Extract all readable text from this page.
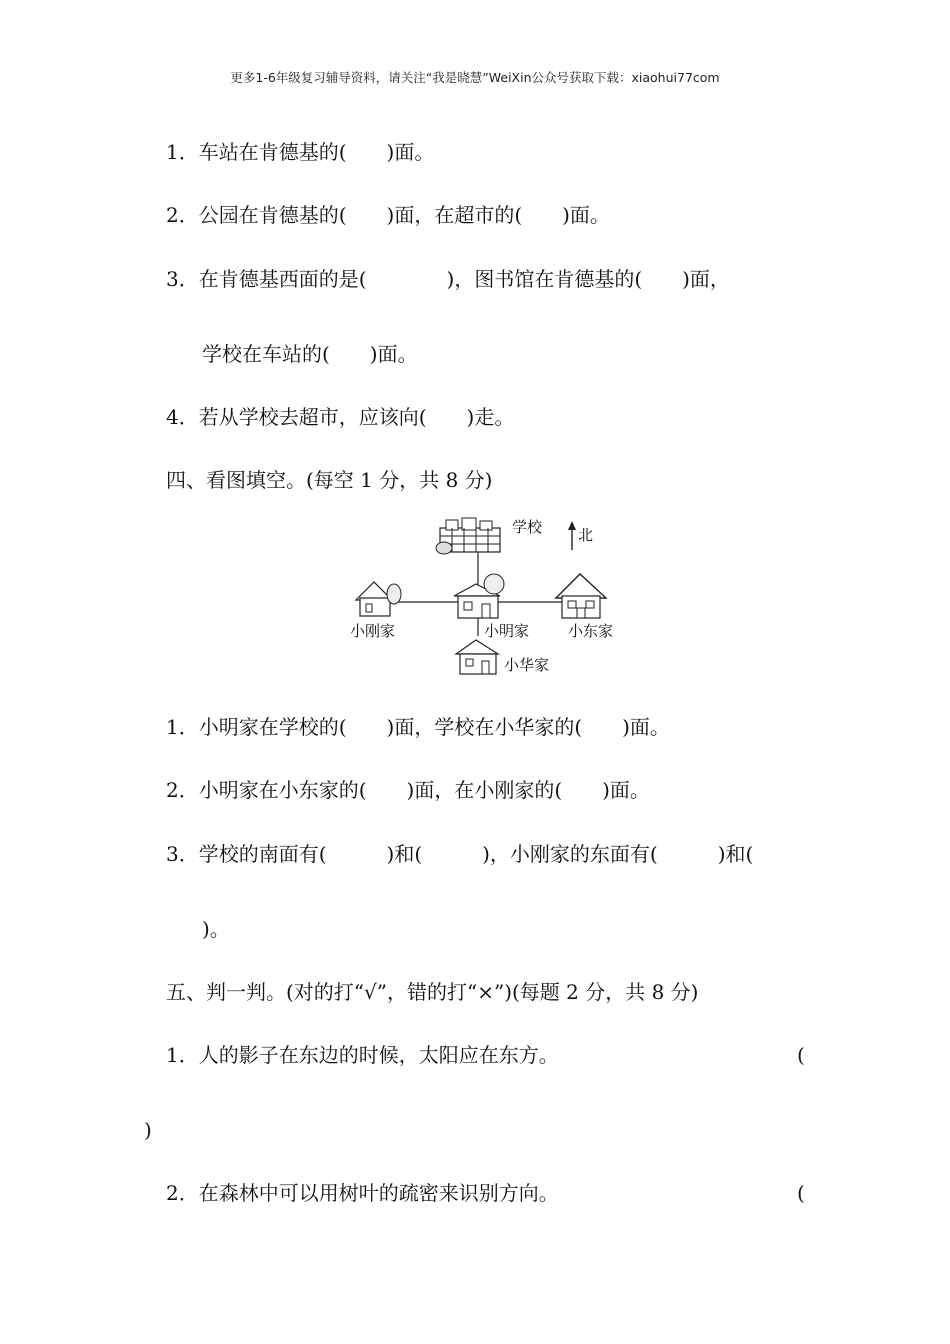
更多1-6年级复习辅导资料，请关注“我是晓慧”WeiXin公众号获取下载：xiaohui77com
1．车站在肯德基的(　　)面。
2．公园在肯德基的(　　)面，在超市的(　　)面。
3．在肯德基西面的是(　　　　)，图书馆在肯德基的(　　)面，
学校在车站的(　　)面。
4．若从学校去超市，应该向(　　)走。
四、看图填空。(每空 1 分，共 8 分)
学校 北
小刚家	小明家	小东家
小华家
1．小明家在学校的(　　)面，学校在小华家的(　　)面。
2．小明家在小东家的(　　)面，在小刚家的(　　)面。
3．学校的南面有(　　　)和(　　　)，小刚家的东面有(　　　)和(
)。
五、判一判。(对的打“√”，错的打“×”)(每题 2 分，共 8 分)
1．人的影子在东边的时候，太阳应在东方。	(
)
2．在森林中可以用树叶的疏密来识别方向。	(
